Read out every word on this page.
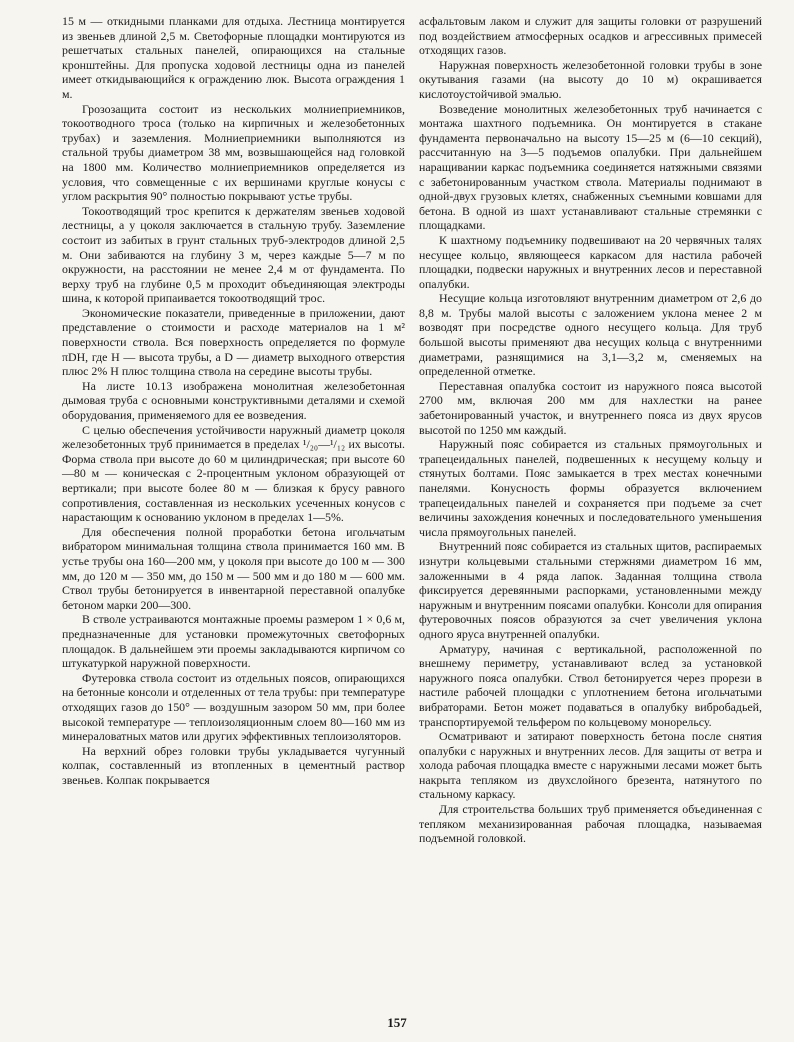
15 м — откидными планками для отдыха. Лестница монтируется из звеньев длиной 2,5 м. Светофорные площадки монтируются из решетчатых стальных панелей, опирающихся на стальные кронштейны. Для пропуска ходовой лестницы одна из панелей имеет откидывающийся к ограждению люк. Высота ограждения 1 м.

Грозозащита состоит из нескольких молниеприемников, токоотводного троса (только на кирпичных и железобетонных трубах) и заземления. Молниеприемники выполняются из стальной трубы диаметром 38 мм, возвышающейся над головкой на 1800 мм. Количество молниеприемников определяется из условия, что совмещенные с их вершинами круглые конусы с углом раскрытия 90° полностью покрывают устье трубы.

Токоотводящий трос крепится к держателям звеньев ходовой лестницы, а у цоколя заключается в стальную трубу. Заземление состоит из забитых в грунт стальных труб-электродов длиной 2,5 м. Они забиваются на глубину 3 м, через каждые 5—7 м по окружности, на расстоянии не менее 2,4 м от фундамента. По верху труб на глубине 0,5 м проходит объединяющая электроды шина, к которой припаивается токоотводящий трос.

Экономические показатели, приведенные в приложении, дают представление о стоимости и расходе материалов на 1 м² поверхности ствола. Вся поверхность определяется по формуле πDH, где H — высота трубы, а D — диаметр выходного отверстия плюс 2% H плюс толщина ствола на середине высоты трубы.

На листе 10.13 изображена монолитная железобетонная дымовая труба с основными конструктивными деталями и схемой оборудования, применяемого для ее возведения.

С целью обеспечения устойчивости наружный диаметр цоколя железобетонных труб принимается в пределах ¹/₂₀—¹/₁₂ их высоты. Форма ствола при высоте до 60 м цилиндрическая; при высоте 60—80 м — коническая с 2-процентным уклоном образующей от вертикали; при высоте более 80 м — близкая к брусу равного сопротивления, составленная из нескольких усеченных конусов с нарастающим к основанию уклоном в пределах 1—5%.

Для обеспечения полной проработки бетона игольчатым вибратором минимальная толщина ствола принимается 160 мм. В устье трубы она 160—200 мм, у цоколя при высоте до 100 м — 300 мм, до 120 м — 350 мм, до 150 м — 500 мм и до 180 м — 600 мм. Ствол трубы бетонируется в инвентарной переставной опалубке бетоном марки 200—300.

В стволе устраиваются монтажные проемы размером 1 × 0,6 м, предназначенные для установки промежуточных светофорных площадок. В дальнейшем эти проемы закладываются кирпичом со штукатуркой наружной поверхности.

Футеровка ствола состоит из отдельных поясов, опирающихся на бетонные консоли и отделенных от тела трубы: при температуре отходящих газов до 150° — воздушным зазором 50 мм, при более высокой температуре — теплоизоляционным слоем 80—160 мм из минераловатных матов или других эффективных теплоизоляторов.

На верхний обрез головки трубы укладывается чугунный колпак, составленный из втопленных в цементный раствор звеньев. Колпак покрывается

асфальтовым лаком и служит для защиты головки от разрушений под воздействием атмосферных осадков и агрессивных примесей отходящих газов.

Наружная поверхность железобетонной головки трубы в зоне окутывания газами (на высоту до 10 м) окрашивается кислотоустойчивой эмалью.

Возведение монолитных железобетонных труб начинается с монтажа шахтного подъемника. Он монтируется в стакане фундамента первоначально на высоту 15—25 м (6—10 секций), рассчитанную на 3—5 подъемов опалубки. При дальнейшем наращивании каркас подъемника соединяется натяжными связями с забетонированным участком ствола. Материалы поднимают в одной-двух грузовых клетях, снабженных съемными ковшами для бетона. В одной из шахт устанавливают стальные стремянки с площадками.

К шахтному подъемнику подвешивают на 20 червячных талях несущее кольцо, являющееся каркасом для настила рабочей площадки, подвески наружных и внутренних лесов и переставной опалубки.

Несущие кольца изготовляют внутренним диаметром от 2,6 до 8,8 м. Трубы малой высоты с заложением уклона менее 2 м возводят при посредстве одного несущего кольца. Для труб большой высоты применяют два несущих кольца с внутренними диаметрами, разнящимися на 3,1—3,2 м, сменяемых на определенной отметке.

Переставная опалубка состоит из наружного пояса высотой 2700 мм, включая 200 мм для нахлестки на ранее забетонированный участок, и внутреннего пояса из двух ярусов высотой по 1250 мм каждый.

Наружный пояс собирается из стальных прямоугольных и трапецеидальных панелей, подвешенных к несущему кольцу и стянутых болтами. Пояс замыкается в трех местах конечными панелями. Конусность формы образуется включением трапецеидальных панелей и сохраняется при подъеме за счет величины захождения конечных и последовательного уменьшения числа прямоугольных панелей.

Внутренний пояс собирается из стальных щитов, распираемых изнутри кольцевыми стальными стержнями диаметром 16 мм, заложенными в 4 ряда лапок. Заданная толщина ствола фиксируется деревянными распорками, установленными между наружным и внутренним поясами опалубки. Консоли для опирания футеровочных поясов образуются за счет увеличения уклона одного яруса внутренней опалубки.

Арматуру, начиная с вертикальной, расположенной по внешнему периметру, устанавливают вслед за установкой наружного пояса опалубки. Ствол бетонируется через прорези в настиле рабочей площадки с уплотнением бетона игольчатыми вибраторами. Бетон может подаваться в опалубку вибробадьей, транспортируемой тельфером по кольцевому монорельсу.

Осматривают и затирают поверхность бетона после снятия опалубки с наружных и внутренних лесов. Для защиты от ветра и холода рабочая площадка вместе с наружными лесами может быть накрыта тепляком из двухслойного брезента, натянутого по стальному каркасу.

Для строительства больших труб применяется объединенная с тепляком механизированная рабочая площадка, называемая подъемной головкой.

157
